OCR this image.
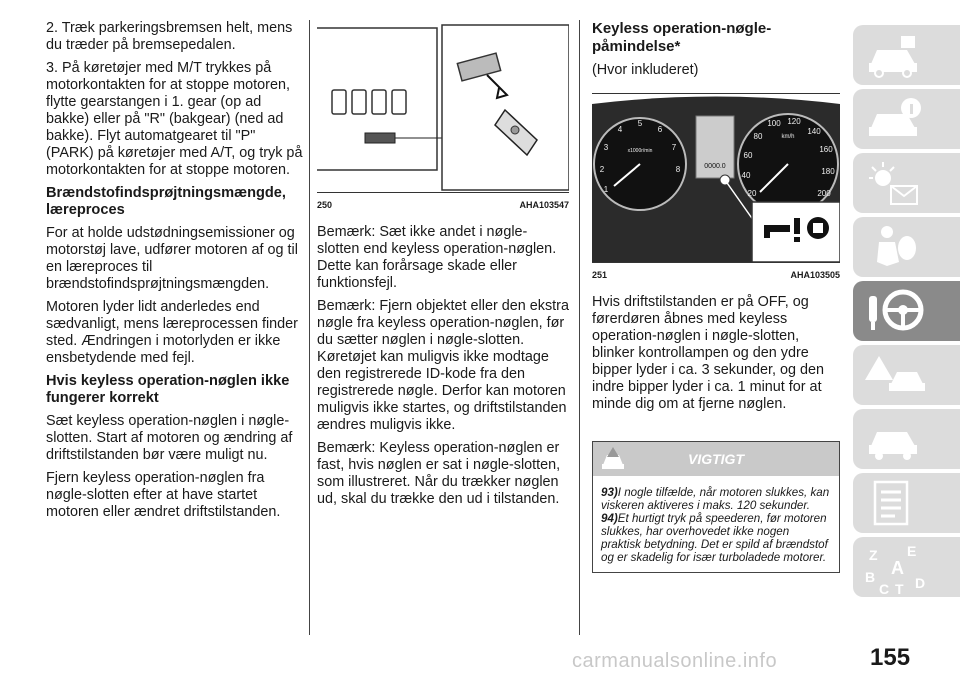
2. Træk parkeringsbremsen helt, mens du træder på bremsepedalen.

3. På køretøjer med M/T trykkes på motorkontakten for at stoppe motoren, flytte gearstangen i 1. gear (op ad bakke) eller på "R" (bakgear) (ned ad bakke). Flyt automatgearet til "P" (PARK) på køretøjer med A/T, og tryk på motorkontakten for at stoppe motoren.

Brændstofindsprøjtningsmængde, læreproces

For at holde udstødningsemissioner og motorstøj lave, udfører motoren af og til en læreproces til brændstofindsprøjtningsmængden.

Motoren lyder lidt anderledes end sædvanligt, mens læreprocessen finder sted. Ændringen i motorlyden er ikke ensbetydende med fejl.

Hvis keyless operation-nøglen ikke fungerer korrekt

Sæt keyless operation-nøglen i nøgle-slotten. Start af motoren og ændring af driftstilstanden bør være muligt nu.

Fjern keyless operation-nøglen fra nøgle-slotten efter at have startet motoren eller ændret driftstilstanden.

250	AHA103547

Bemærk: Sæt ikke andet i nøgle-slotten end keyless operation-nøglen. Dette kan forårsage skade eller funktionsfejl.

Bemærk: Fjern objektet eller den ekstra nøgle fra keyless operation-nøglen, før du sætter nøglen i nøgle-slotten. Køretøjet kan muligvis ikke modtage den registrerede ID-kode fra den registrerede nøgle. Derfor kan motoren muligvis ikke startes, og driftstilstanden ændres muligvis ikke.

Bemærk: Keyless operation-nøglen er fast, hvis nøglen er sat i nøgle-slotten, som illustreret. Når du trækker nøglen ud, skal du trække den ud i tilstanden.

Keyless operation-nøgle-påmindelse*

(Hvor inkluderet)

1
2
3
4
5
6
7
8
x1000r/min
20
40
60
80
100 120
140
160
180
200
km/h
0000.0
251	AHA103505

Hvis driftstilstanden er på OFF, og førerdøren åbnes med keyless operation-nøglen i nøgle-slotten, blinker kontrollampen og den ydre bipper lyder i ca. 3 sekunder, og den indre bipper lyder i ca. 1 minut for at minde dig om at fjerne nøglen.

VIGTIGT

93)I nogle tilfælde, når motoren slukkes, kan viskeren aktiveres i maks. 120 sekunder.

94)Et hurtigt tryk på speederen, før motoren slukkes, har overhovedet ikke nogen praktisk betydning. Det er spild af brændstof og er skadelig for især turboladede motorer.	Z E
A
B
C T D
carmanualsonline.info	155
